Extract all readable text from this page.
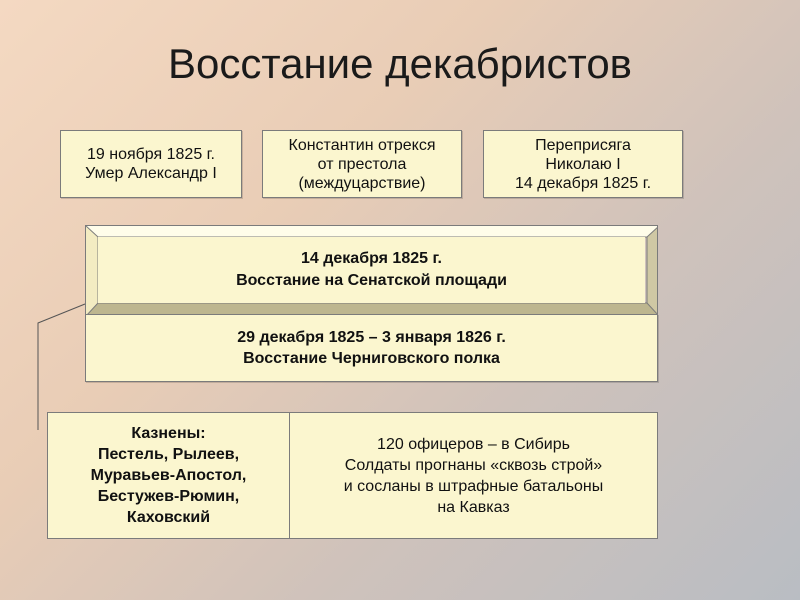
Восстание декабристов
19 ноября 1825 г.
Умер Александр I
Константин отрекся
от престола
(междуцарствие)
Переприсяга
Николаю I
14 декабря 1825 г.
14 декабря 1825 г.
Восстание на Сенатской площади
29 декабря 1825 – 3 января 1826 г.
Восстание Черниговского полка
Казнены:
Пестель, Рылеев,
Муравьев-Апостол,
Бестужев-Рюмин,
Каховский
120 офицеров – в Сибирь
Солдаты прогнаны «сквозь строй»
и сосланы в штрафные батальоны
на Кавказ
